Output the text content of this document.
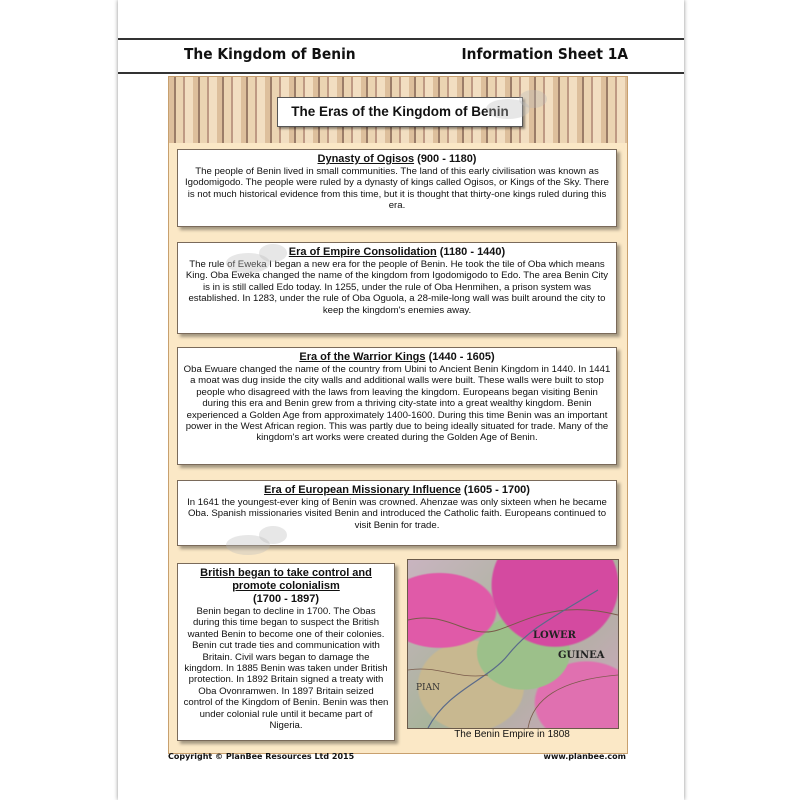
The Kingdom of Benin	Information Sheet 1A
The Eras of the Kingdom of Benin
Dynasty of Ogisos (900 - 1180)
The people of Benin lived in small communities. The land of this early civilisation was known as Igodomigodo. The people were ruled by a dynasty of kings called Ogisos, or Kings of the Sky. There is not much historical evidence from this time, but it is thought that thirty-one kings ruled during this era.
Era of Empire Consolidation (1180 - 1440)
The rule of Eweka I began a new era for the people of Benin. He took the tile of Oba which means King. Oba Eweka changed the name of the kingdom from Igodomigodo to Edo. The area Benin City is in is still called Edo today. In 1255, under the rule of Oba Henmihen, a prison system was established. In 1283, under the rule of Oba Oguola, a 28-mile-long wall was built around the city to keep the kingdom's enemies away.
Era of the Warrior Kings (1440 - 1605)
Oba Ewuare changed the name of the country from Ubini to Ancient Benin Kingdom in 1440. In 1441 a moat was dug inside the city walls and additional walls were built. These walls were built to stop people who disagreed with the laws from leaving the kingdom. Europeans began visiting Benin during this era and Benin grew from a thriving city-state into a great wealthy kingdom. Benin experienced a Golden Age from approximately 1400-1600. During this time Benin was an important power in the West African region. This was partly due to being ideally situated for trade. Many of the kingdom's art works were created during the Golden Age of Benin.
Era of European Missionary Influence (1605 - 1700)
In 1641 the youngest-ever king of Benin was crowned. Ahenzae was only sixteen when he became Oba. Spanish missionaries visited Benin and introduced the Catholic faith. Europeans continued to visit Benin for trade.
British began to take control and promote colonialism
(1700 - 1897)
Benin began to decline in 1700. The Obas during this time began to suspect the British wanted Benin to become one of their colonies. Benin cut trade ties and communication with Britain. Civil wars began to damage the kingdom. In 1885 Benin was taken under British protection. In 1892 Britain signed a treaty with Oba Ovonramwen. In 1897 Britain seized control of the Kingdom of Benin. Benin was then under colonial rule until it became part of Nigeria.
LOWER
GUINEA
PIAN
The Benin Empire in 1808
Copyright © PlanBee Resources Ltd 2015	www.planbee.com
